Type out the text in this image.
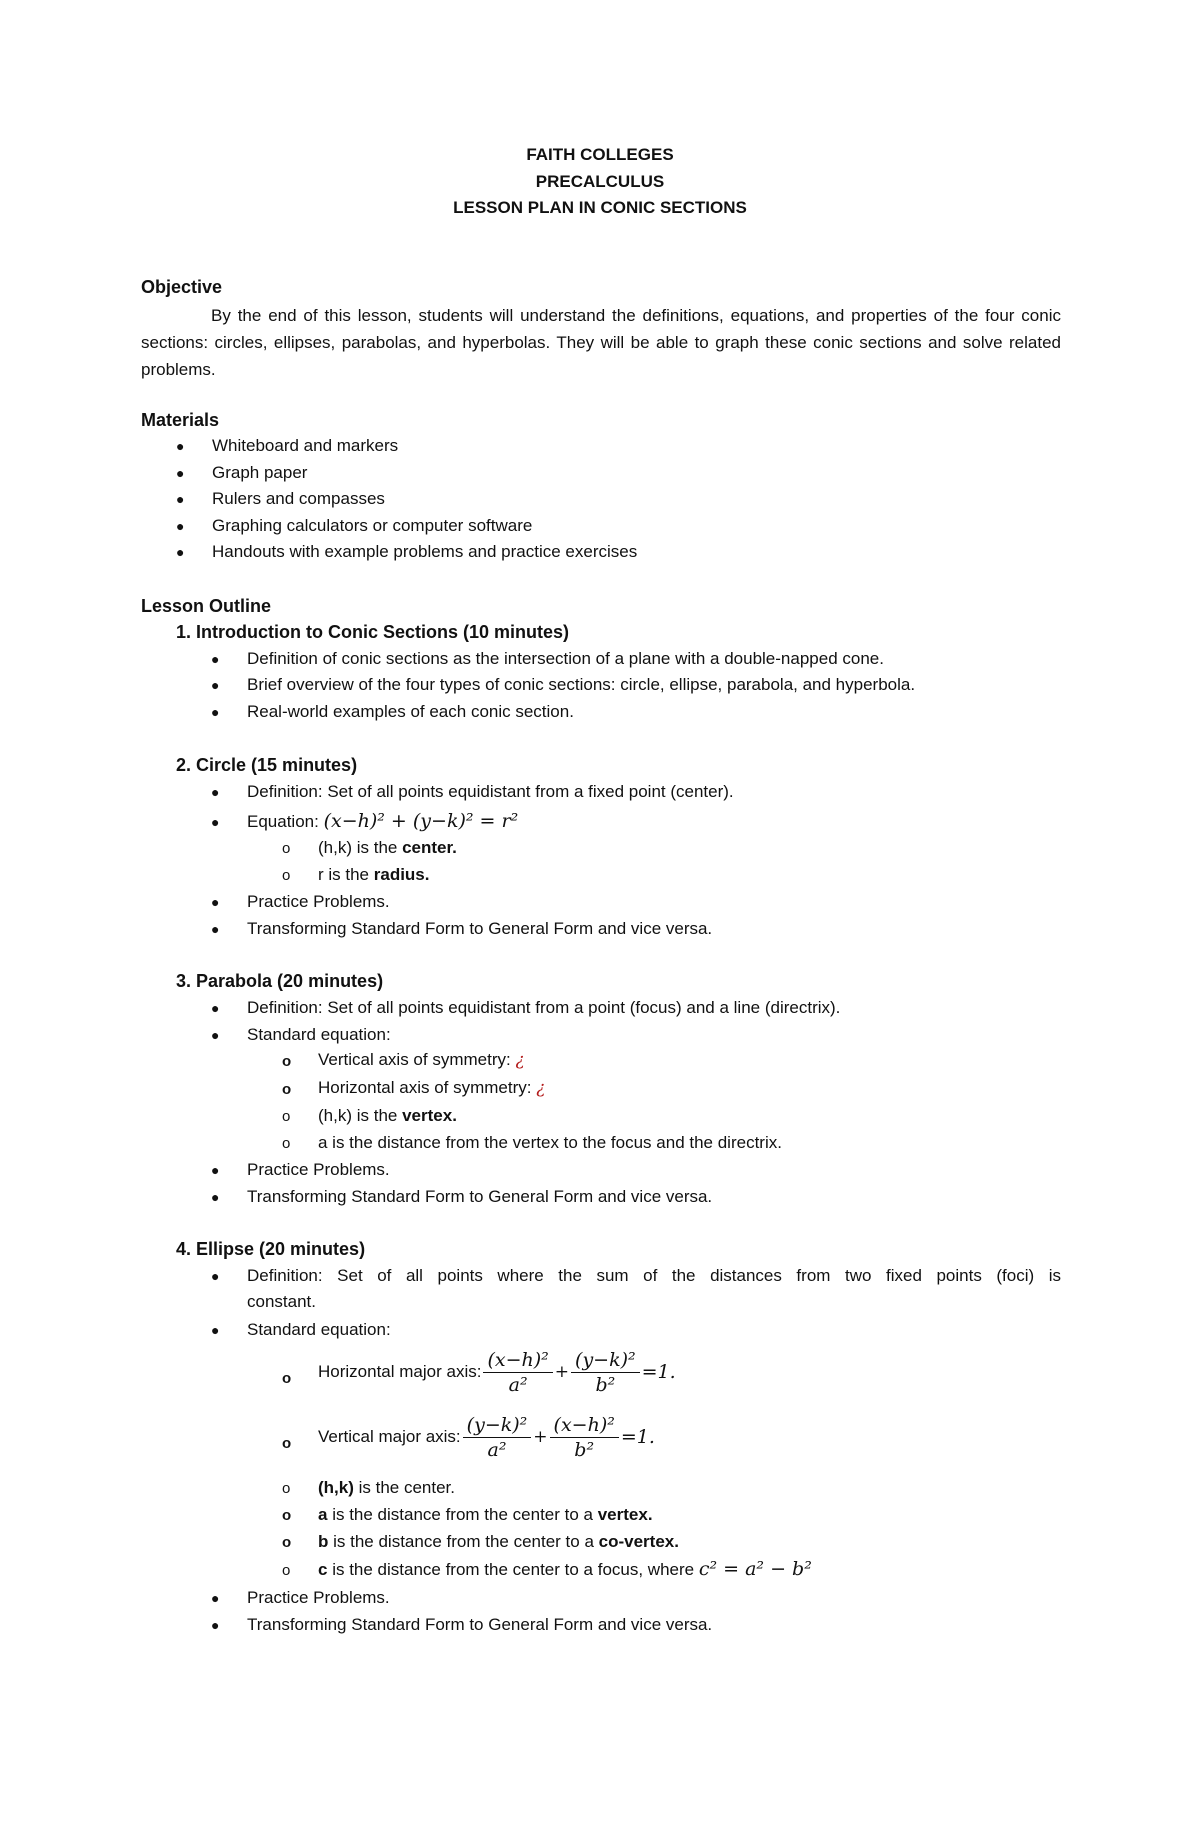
FAITH COLLEGES
PRECALCULUS
LESSON PLAN IN CONIC SECTIONS
Objective
By the end of this lesson, students will understand the definitions, equations, and properties of the four conic sections: circles, ellipses, parabolas, and hyperbolas. They will be able to graph these conic sections and solve related problems.
Materials
● Whiteboard and markers
● Graph paper
● Rulers and compasses
● Graphing calculators or computer software
● Handouts with example problems and practice exercises
Lesson Outline
1. Introduction to Conic Sections (10 minutes)
● Definition of conic sections as the intersection of a plane with a double-napped cone.
● Brief overview of the four types of conic sections: circle, ellipse, parabola, and hyperbola.
● Real-world examples of each conic section.
2. Circle (15 minutes)
● Definition: Set of all points equidistant from a fixed point (center).
● Equation: (x−h)² + (y−k)² = r²
o (h,k) is the center.
o r is the radius.
● Practice Problems.
● Transforming Standard Form to General Form and vice versa.
3. Parabola (20 minutes)
● Definition: Set of all points equidistant from a point (focus) and a line (directrix).
● Standard equation:
o Vertical axis of symmetry: ¿
o Horizontal axis of symmetry: ¿
o (h,k) is the vertex.
o a is the distance from the vertex to the focus and the directrix.
● Practice Problems.
● Transforming Standard Form to General Form and vice versa.
4. Ellipse (20 minutes)
● Definition: Set of all points where the sum of the distances from two fixed points (foci) is
constant.
● Standard equation:
o Horizontal major axis: $\frac{\text{(x−h)²}}{\text{a²}} + \frac{\text{(y−k)²}}{\text{b²}} =1$.
o Vertical major axis: $\frac{\text{(y−k)²}}{\text{a²}} + \frac{\text{(x−h)²}}{\text{b²}} =1$.
o (h,k) is the center.
o a is the distance from the center to a vertex.
o b is the distance from the center to a co-vertex.
o c is the distance from the center to a focus, where c² = a² − b²
● Practice Problems.
● Transforming Standard Form to General Form and vice versa.
